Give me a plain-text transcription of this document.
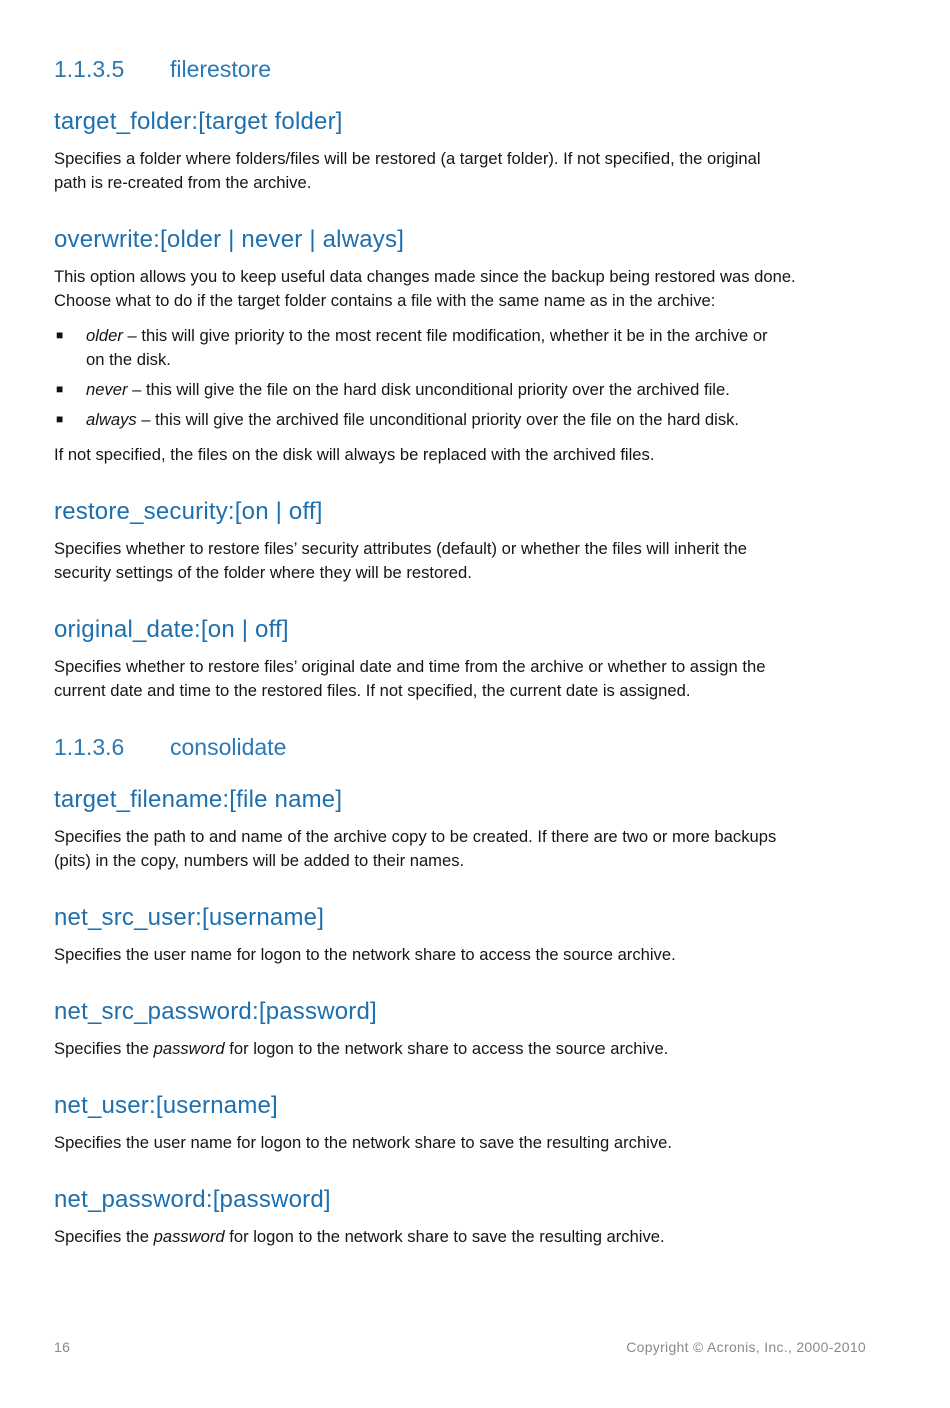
1.1.3.5 filerestore
target_folder:[target folder]
Specifies a folder where folders/files will be restored (a target folder). If not specified, the original
path is re-created from the archive.
overwrite:[older | never | always]
This option allows you to keep useful data changes made since the backup being restored was done.
Choose what to do if the target folder contains a file with the same name as in the archive:
■ older – this will give priority to the most recent file modification, whether it be in the archive or
on the disk.
■ never – this will give the file on the hard disk unconditional priority over the archived file.
■ always – this will give the archived file unconditional priority over the file on the hard disk.
If not specified, the files on the disk will always be replaced with the archived files.
restore_security:[on | off]
Specifies whether to restore files’ security attributes (default) or whether the files will inherit the
security settings of the folder where they will be restored.
original_date:[on | off]
Specifies whether to restore files’ original date and time from the archive or whether to assign the
current date and time to the restored files. If not specified, the current date is assigned.
1.1.3.6 consolidate
target_filename:[file name]
Specifies the path to and name of the archive copy to be created. If there are two or more backups
(pits) in the copy, numbers will be added to their names.
net_src_user:[username]
Specifies the user name for logon to the network share to access the source archive.
net_src_password:[password]
Specifies the password for logon to the network share to access the source archive.
net_user:[username]
Specifies the user name for logon to the network share to save the resulting archive.
net_password:[password]
Specifies the password for logon to the network share to save the resulting archive.
16	Copyright © Acronis, Inc., 2000-2010
